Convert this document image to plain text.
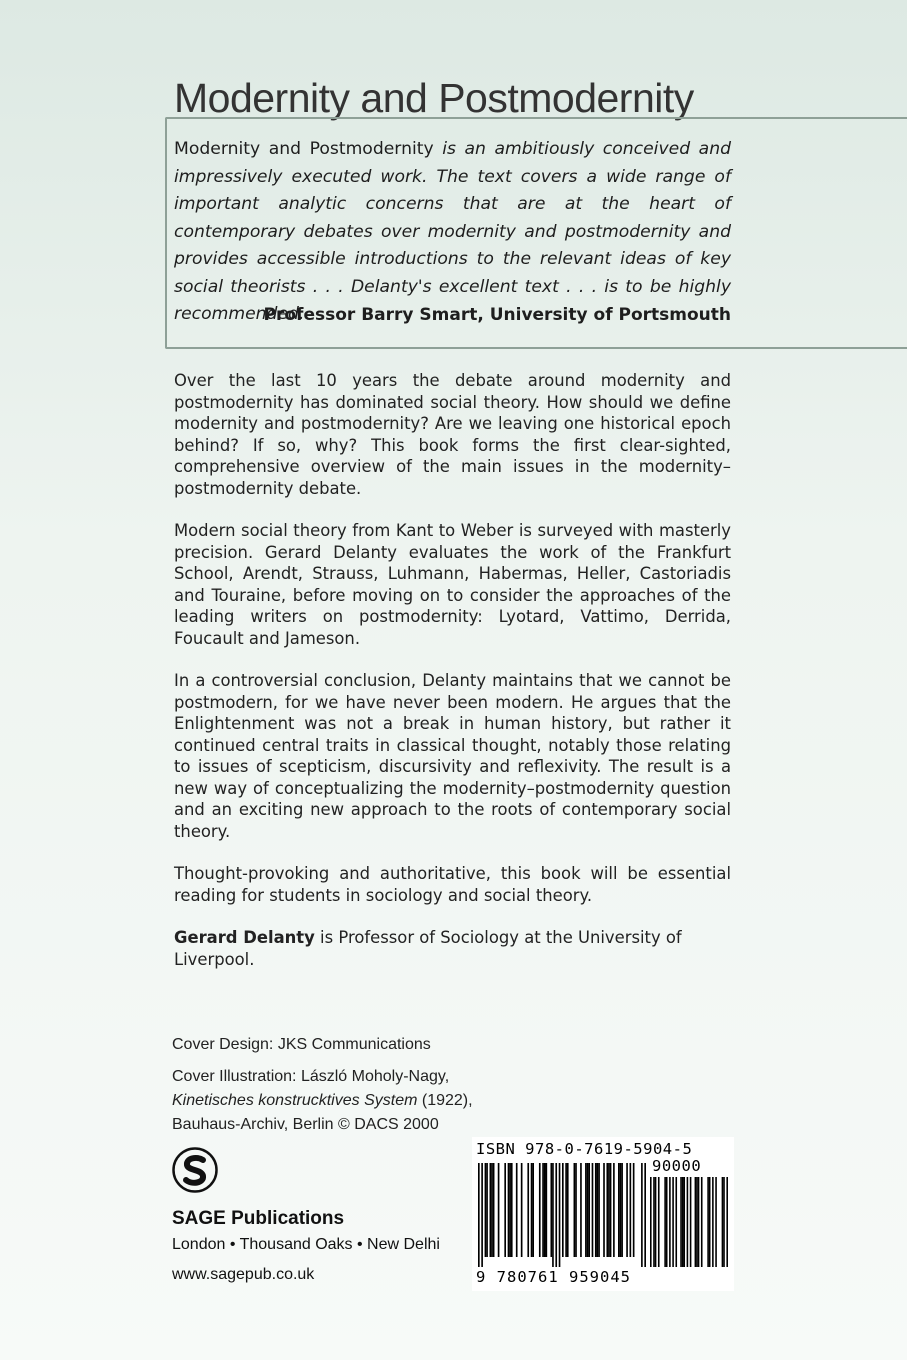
Modernity and Postmodernity
Modernity and Postmodernity is an ambitiously conceived and impressively executed work. The text covers a wide range of important analytic concerns that are at the heart of contemporary debates over modernity and postmodernity and provides accessible introductions to the relevant ideas of key social theorists . . . Delanty's excellent text . . . is to be highly recommended.
Professor Barry Smart, University of Portsmouth

Over the last 10 years the debate around modernity and postmodernity has dominated social theory. How should we define modernity and postmodernity? Are we leaving one historical epoch behind? If so, why? This book forms the first clear-sighted, comprehensive overview of the main issues in the modernity–postmodernity debate.

Modern social theory from Kant to Weber is surveyed with masterly precision. Gerard Delanty evaluates the work of the Frankfurt School, Arendt, Strauss, Luhmann, Habermas, Heller, Castoriadis and Touraine, before moving on to consider the approaches of the leading writers on postmodernity: Lyotard, Vattimo, Derrida, Foucault and Jameson.

In a controversial conclusion, Delanty maintains that we cannot be postmodern, for we have never been modern. He argues that the Enlightenment was not a break in human history, but rather it continued central traits in classical thought, notably those relating to issues of scepticism, discursivity and reflexivity. The result is a new way of conceptualizing the modernity–postmodernity question and an exciting new approach to the roots of contemporary social theory.

Thought-provoking and authoritative, this book will be essential reading for students in sociology and social theory.

Gerard Delanty is Professor of Sociology at the University of Liverpool.

Cover Design: JKS Communications
Cover Illustration: László Moholy-Nagy,
Kinetisches konstrucktives System (1922),
Bauhaus-Archiv, Berlin © DACS 2000
SAGE Publications
London • Thousand Oaks • New Delhi
www.sagepub.co.uk
ISBN 978-0-7619-5904-5
90000
9 780761 959045
